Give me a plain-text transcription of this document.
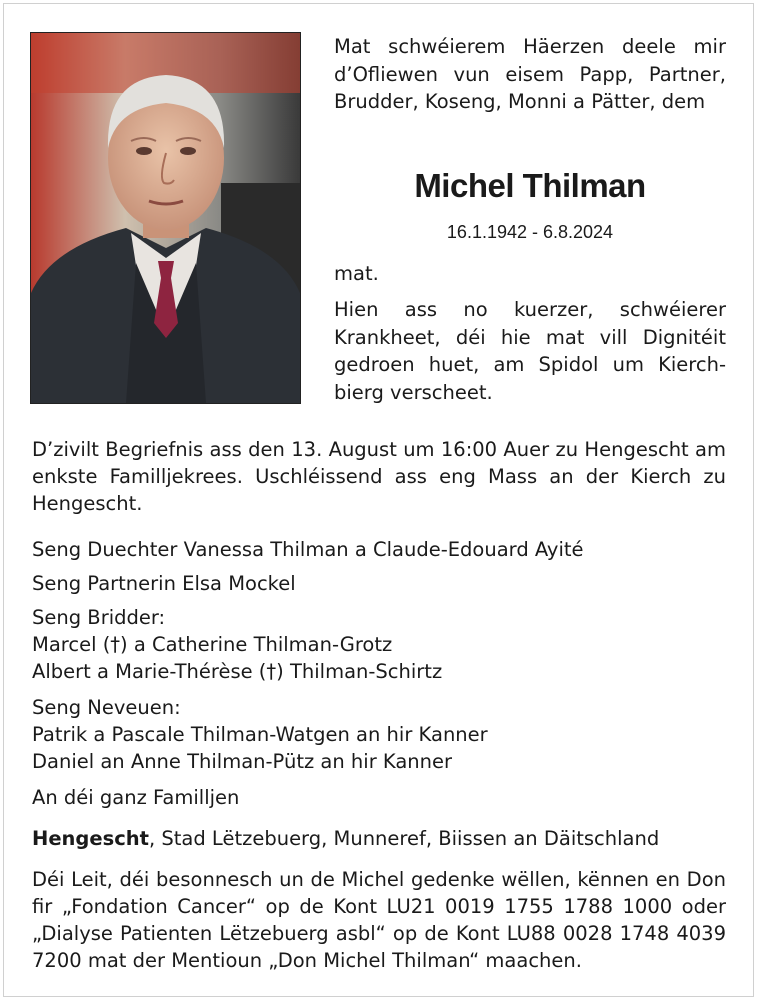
Mat schwéierem Häerzen deele mir d’Ofliewen vun eisem Papp, Partner, Brudder, Koseng, Monni a Pätter, dem
Michel Thilman
16.1.1942 - 6.8.2024
mat.
Hien ass no kuerzer, schwéierer Krankheet, déi hie mat vill Dignitéit gedroen huet, am Spidol um Kierchbierg verscheet.
D’zivilt Begriefnis ass den 13. August um 16:00 Auer zu Hengescht am enkste Familljekrees. Uschléissend ass eng Mass an der Kierch zu Hengescht.
Seng Duechter Vanessa Thilman a Claude-Edouard Ayité
Seng Partnerin Elsa Mockel
Seng Bridder:
Marcel (†) a Catherine Thilman-Grotz
Albert a Marie-Thérèse (†) Thilman-Schirtz
Seng Neveuen:
Patrik a Pascale Thilman-Watgen an hir Kanner
Daniel an Anne Thilman-Pütz an hir Kanner
An déi ganz Familljen
Hengescht, Stad Lëtzebuerg, Munneref, Biissen an Däitschland
Déi Leit, déi besonnesch un de Michel gedenke wëllen, kënnen en Don fir „Fondation Cancer“ op de Kont LU21 0019 1755 1788 1000 oder „Dialyse Patienten Lëtzebuerg asbl“ op de Kont LU88 0028 1748 4039 7200 mat der Mentioun „Don Michel Thilman“ maachen.
